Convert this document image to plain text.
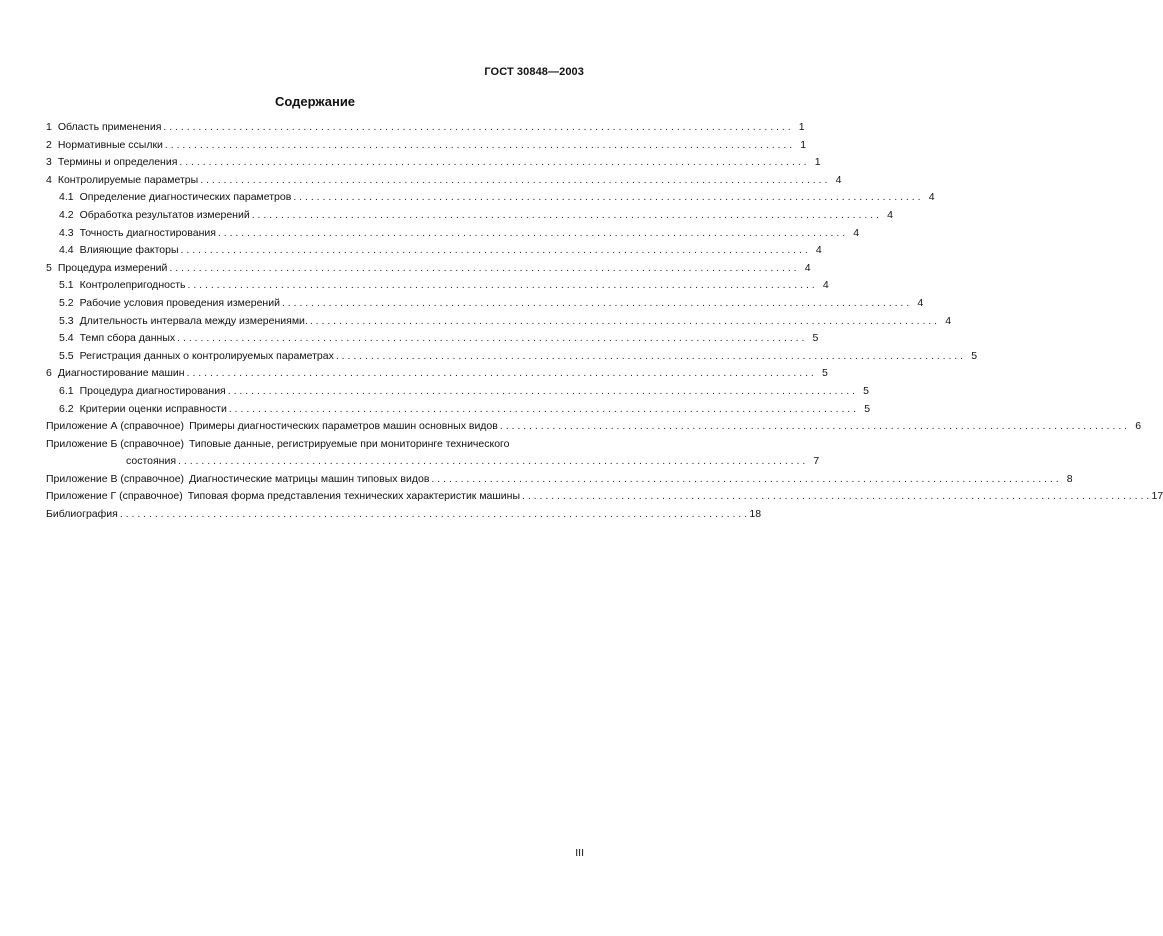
ГОСТ 30848—2003
Содержание
1 Область применения . . .	1
2 Нормативные ссылки . . .	1
3 Термины и определения . . .	1
4 Контролируемые параметры . . .	4
4.1 Определение диагностических параметров . . .	4
4.2 Обработка результатов измерений . . .	4
4.3 Точность диагностирования . . .	4
4.4 Влияющие факторы . . .	4
5 Процедура измерений . . .	4
5.1 Контролепригодность . . .	4
5.2 Рабочие условия проведения измерений . . .	4
5.3 Длительность интервала между измерениями. . . .	4
5.4 Темп сбора данных . . .	5
5.5 Регистрация данных о контролируемых параметрах . . .	5
6 Диагностирование машин . . .	5
6.1 Процедура диагностирования . . .	5
6.2 Критерии оценки исправности . . .	5
Приложение А (справочное) Примеры диагностических параметров машин основных видов . . .	6
Приложение Б (справочное) Типовые данные, регистрируемые при мониторинге технического
состояния . . .	7
Приложение В (справочное) Диагностические матрицы машин типовых видов . . .	8
Приложение Г (справочное) Типовая форма представления технических характеристик машины . . .	17
Библиография . . .	18
III
